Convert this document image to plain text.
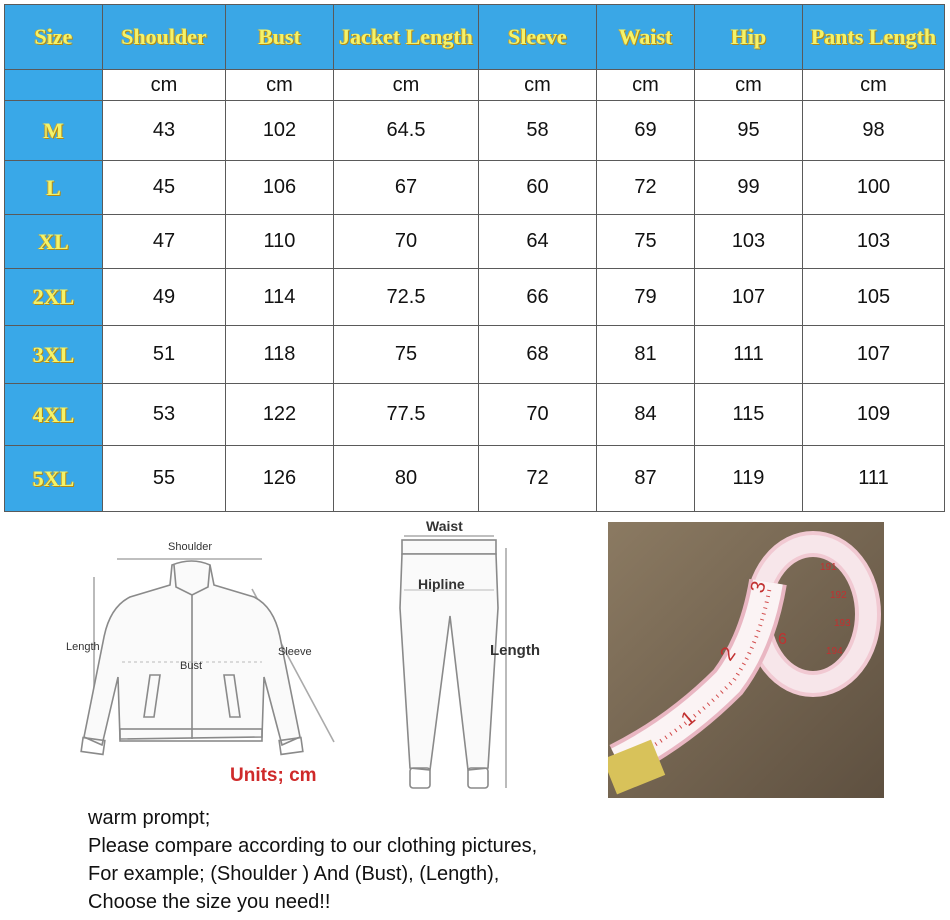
Size	Shoulder	Bust	Jacket Length	Sleeve	Waist	Hip	Pants Length
	cm	cm	cm	cm	cm	cm	cm
M	43	102	64.5	58	69	95	98
L	45	106	67	60	72	99	100
XL	47	110	70	64	75	103	103
2XL	49	114	72.5	66	79	107	105
3XL	51	118	75	68	81	111	107
4XL	53	122	77.5	70	84	115	109
5XL	55	126	80	72	87	119	111
Shoulder
Length
Bust
Sleeve
Units; cm
Waist
Hipline
Length
1
2
3
6
191
192
193
194
warm prompt;
Please compare according to our clothing pictures,
For example; (Shoulder ) And (Bust), (Length),
Choose the size you need!!
